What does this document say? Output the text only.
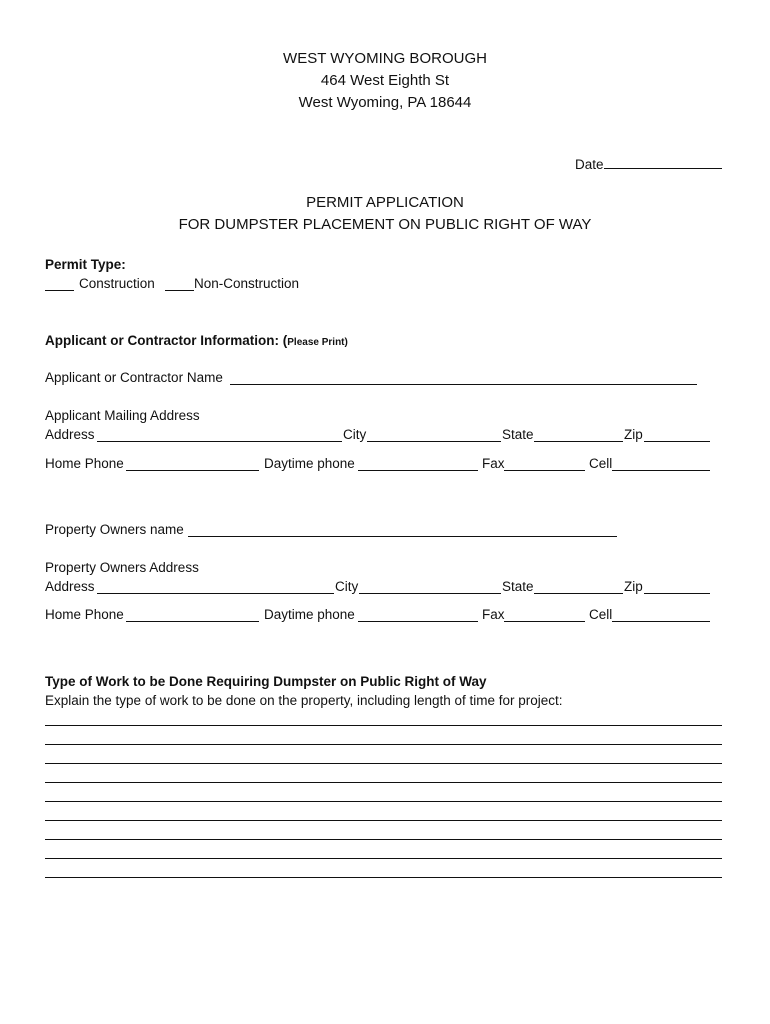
WEST WYOMING BOROUGH
464 West Eighth St
West Wyoming, PA 18644
Date
PERMIT APPLICATION
FOR DUMPSTER PLACEMENT ON PUBLIC RIGHT OF WAY
Permit Type:
Construction	Non-Construction
Applicant or Contractor Information: (Please Print)
Applicant or Contractor Name
Applicant Mailing Address
Address	City	State	Zip
Home Phone	Daytime phone	Fax	Cell
Property Owners name
Property Owners Address
Address	City	State	Zip
Home Phone	Daytime phone	Fax	Cell
Type of Work to be Done Requiring Dumpster on Public Right of Way
Explain the type of work to be done on the property, including length of time for project:
